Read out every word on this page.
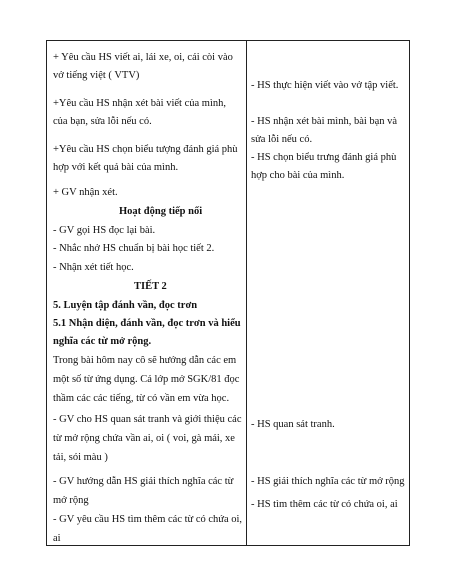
+ Yêu cầu HS viết ai, lái xe, oi, cái còi vào
vở tiếng việt ( VTV)
+Yêu cầu HS nhận xét bài viết của mình,
của bạn, sửa lỗi nếu có.
+Yêu cầu HS chọn biểu tượng đánh giá phù
hợp với kết quả bài của mình.
+ GV nhận xét.
Hoạt động tiếp nối
- GV gọi HS đọc lại bài.
- Nhắc nhở HS chuẩn bị bài học tiết 2.
- Nhận xét tiết học.
TIẾT 2
5. Luyện tập đánh vần, đọc trơn
5.1 Nhận diện, đánh vần, đọc trơn và hiểu
nghĩa các từ mở rộng.
Trong bài hôm nay cô sẽ hướng dẫn các em
một số từ ứng dụng. Cả lớp mở SGK/81 đọc
thầm các các tiếng, từ có vần em vừa học.
- GV cho HS quan sát tranh và giới thiệu các
từ mở rộng chứa vần ai, oi ( voi, gà mái, xe
tải, sói màu )
- GV hướng dẫn HS giải thích nghĩa các từ
mở rộng
- GV yêu cầu HS tìm thêm các từ có chứa oi,
ai
- HS thực hiện viết vào vở tập viết.
- HS nhận xét bài mình, bài bạn và
sửa lỗi nếu có.
- HS chọn biểu trưng đánh giá phù
hợp cho bài của mình.
- HS quan sát tranh.
- HS giải thích nghĩa các từ mở rộng
- HS tìm thêm các từ có chứa oi, ai
